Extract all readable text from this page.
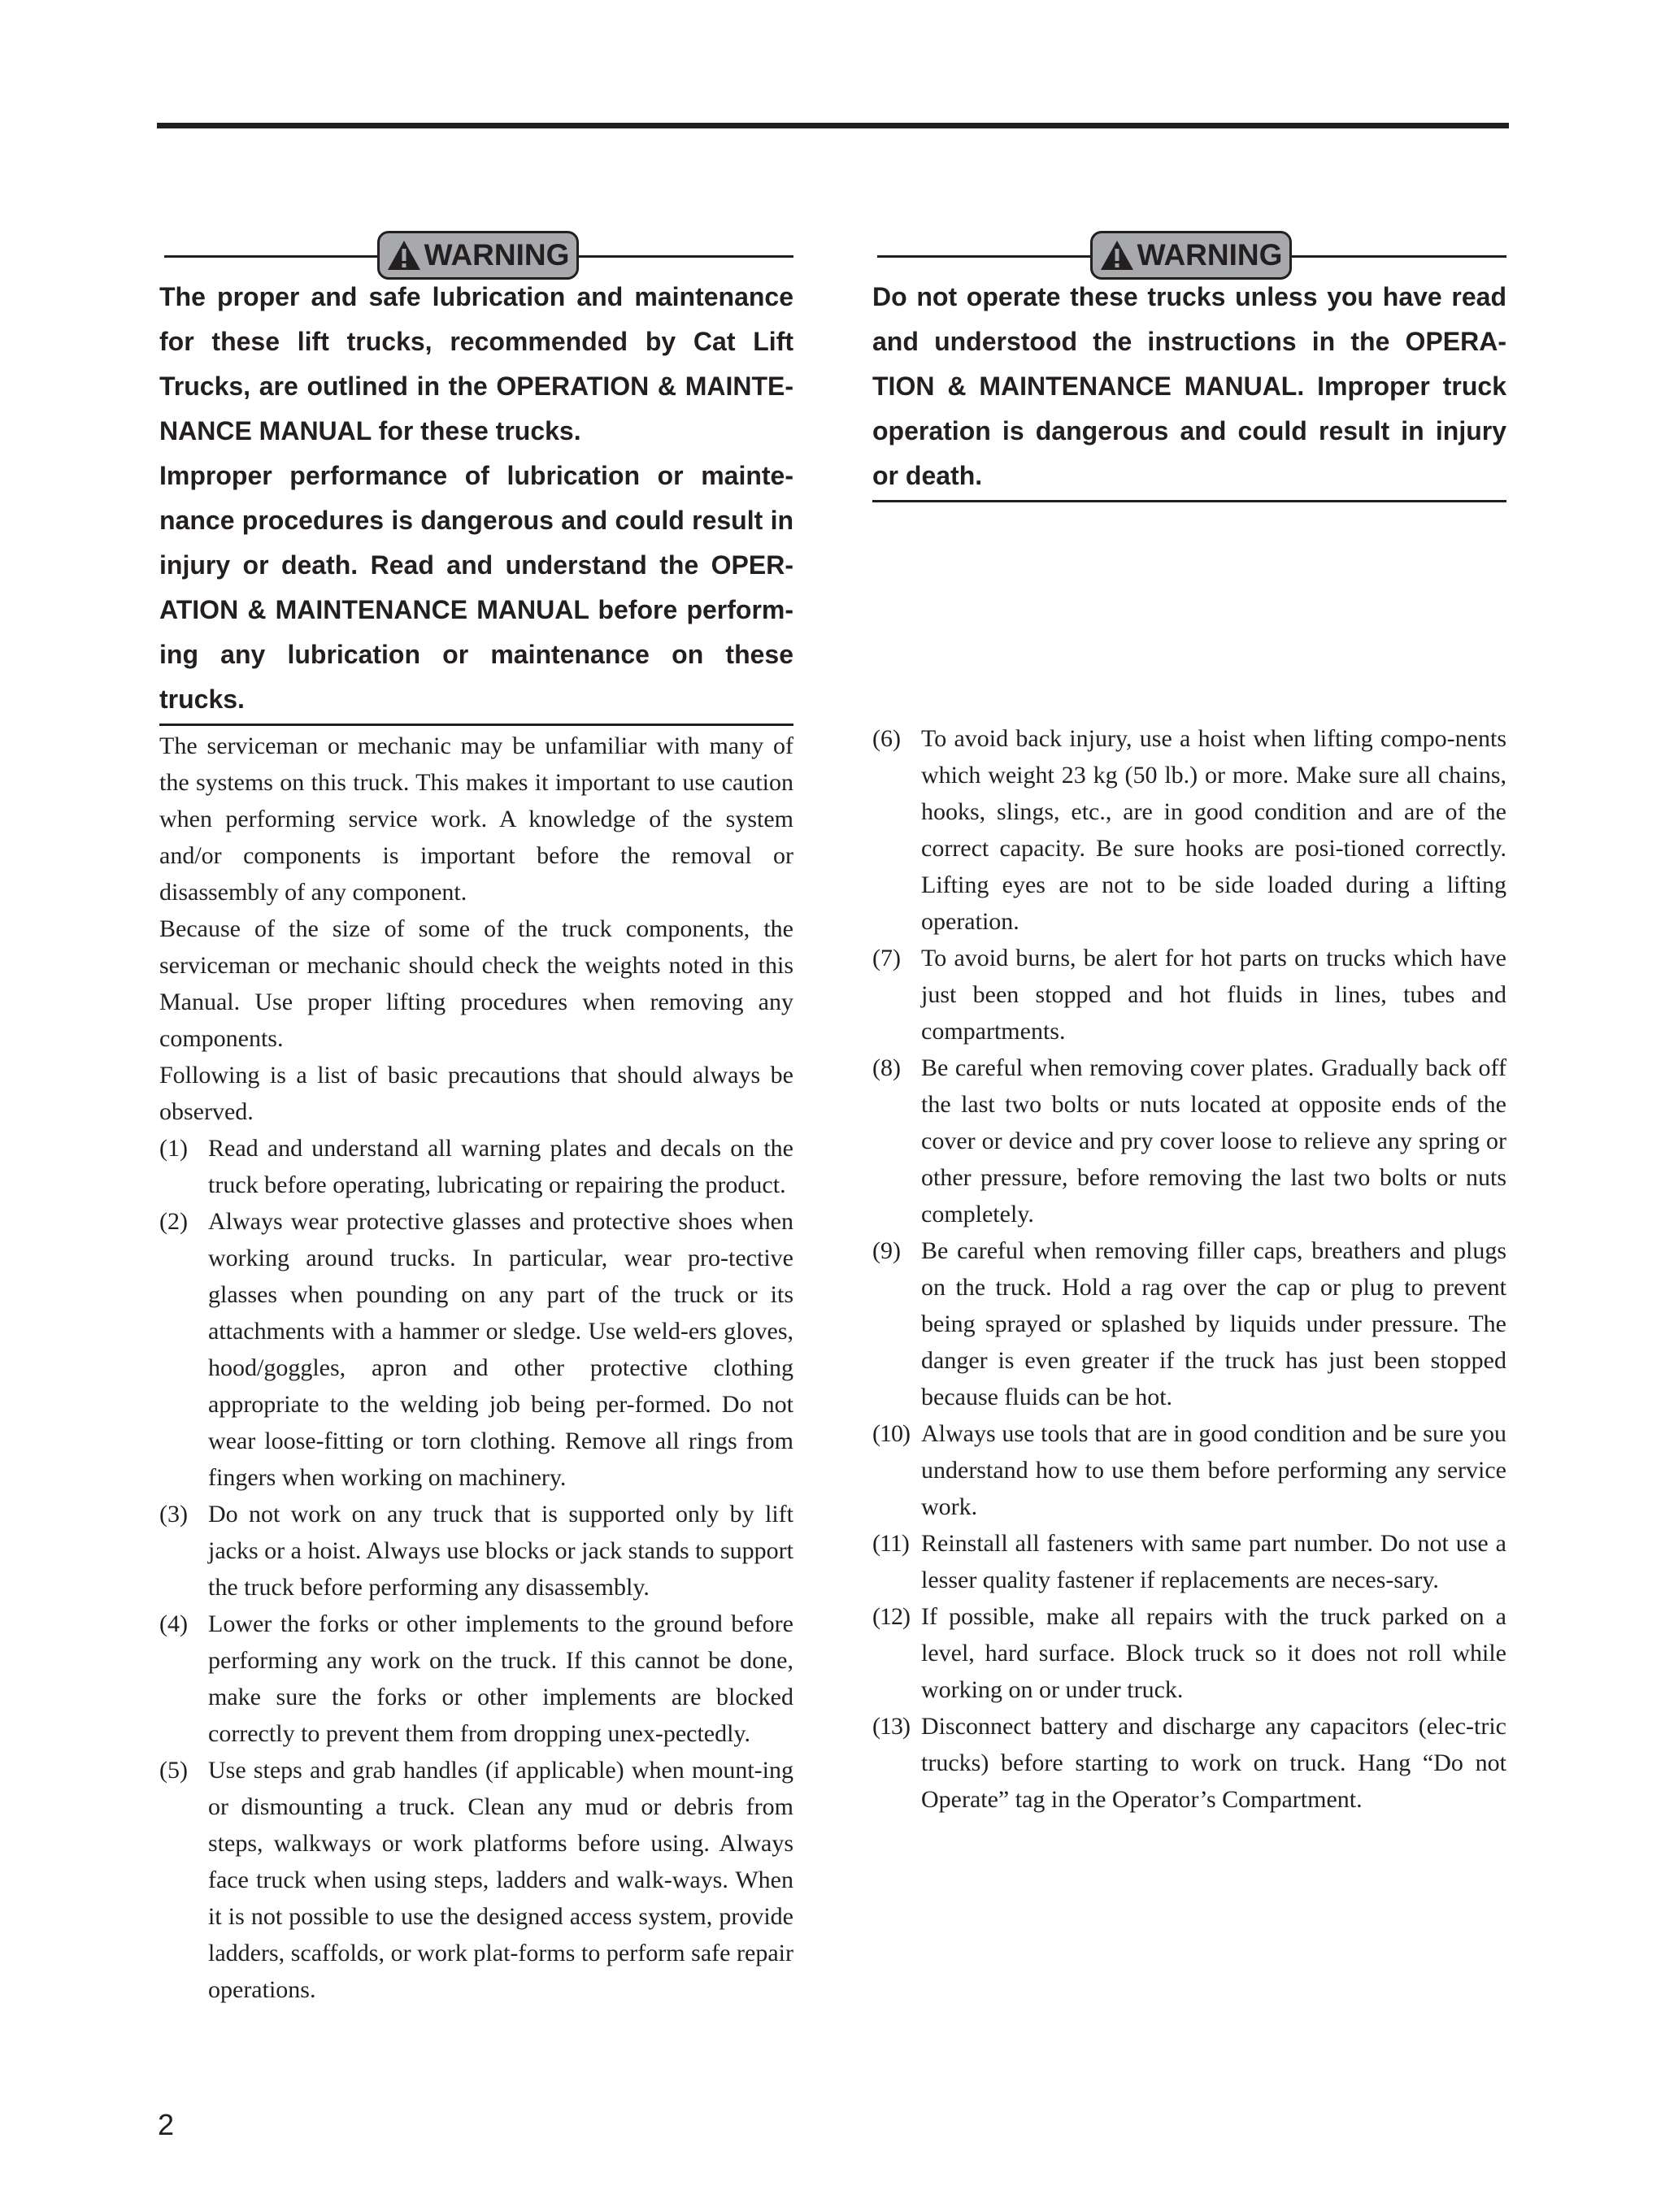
WARNING

The proper and safe lubrication and maintenance for these lift trucks, recommended by Cat Lift Trucks, are outlined in the OPERATION & MAINTE-NANCE MANUAL for these trucks.
Improper performance of lubrication or mainte-nance procedures is dangerous and could result in injury or death. Read and understand the OPER-ATION & MAINTENANCE MANUAL before perform-ing any lubrication or maintenance on these trucks.

The serviceman or mechanic may be unfamiliar with many of the systems on this truck. This makes it important to use caution when performing service work. A knowledge of the system and/or components is important before the removal or disassembly of any component.

Because of the size of some of the truck components, the serviceman or mechanic should check the weights noted in this Manual. Use proper lifting procedures when removing any components.

Following is a list of basic precautions that should always be observed.

(1) Read and understand all warning plates and decals on the truck before operating, lubricating or repairing the product.
(2) Always wear protective glasses and protective shoes when working around trucks. In particular, wear pro-tective glasses when pounding on any part of the truck or its attachments with a hammer or sledge. Use weld-ers gloves, hood/goggles, apron and other protective clothing appropriate to the welding job being per-formed. Do not wear loose-fitting or torn clothing. Remove all rings from fingers when working on machinery.
(3) Do not work on any truck that is supported only by lift jacks or a hoist. Always use blocks or jack stands to support the truck before performing any disassembly.
(4) Lower the forks or other implements to the ground before performing any work on the truck. If this cannot be done, make sure the forks or other implements are blocked correctly to prevent them from dropping unex-pectedly.
(5) Use steps and grab handles (if applicable) when mount-ing or dismounting a truck. Clean any mud or debris from steps, walkways or work platforms before using. Always face truck when using steps, ladders and walk-ways. When it is not possible to use the designed access system, provide ladders, scaffolds, or work plat-forms to perform safe repair operations.
WARNING

Do not operate these trucks unless you have read and understood the instructions in the OPERA-TION & MAINTENANCE MANUAL. Improper truck operation is dangerous and could result in injury or death.

(6) To avoid back injury, use a hoist when lifting compo-nents which weight 23 kg (50 lb.) or more. Make sure all chains, hooks, slings, etc., are in good condition and are of the correct capacity. Be sure hooks are posi-tioned correctly. Lifting eyes are not to be side loaded during a lifting operation.
(7) To avoid burns, be alert for hot parts on trucks which have just been stopped and hot fluids in lines, tubes and compartments.
(8) Be careful when removing cover plates. Gradually back off the last two bolts or nuts located at opposite ends of the cover or device and pry cover loose to relieve any spring or other pressure, before removing the last two bolts or nuts completely.
(9) Be careful when removing filler caps, breathers and plugs on the truck. Hold a rag over the cap or plug to prevent being sprayed or splashed by liquids under pressure. The danger is even greater if the truck has just been stopped because fluids can be hot.
(10) Always use tools that are in good condition and be sure you understand how to use them before performing any service work.
(11) Reinstall all fasteners with same part number. Do not use a lesser quality fastener if replacements are neces-sary.
(12) If possible, make all repairs with the truck parked on a level, hard surface. Block truck so it does not roll while working on or under truck.
(13) Disconnect battery and discharge any capacitors (elec-tric trucks) before starting to work on truck. Hang “Do not Operate” tag in the Operator’s Compartment.
2
